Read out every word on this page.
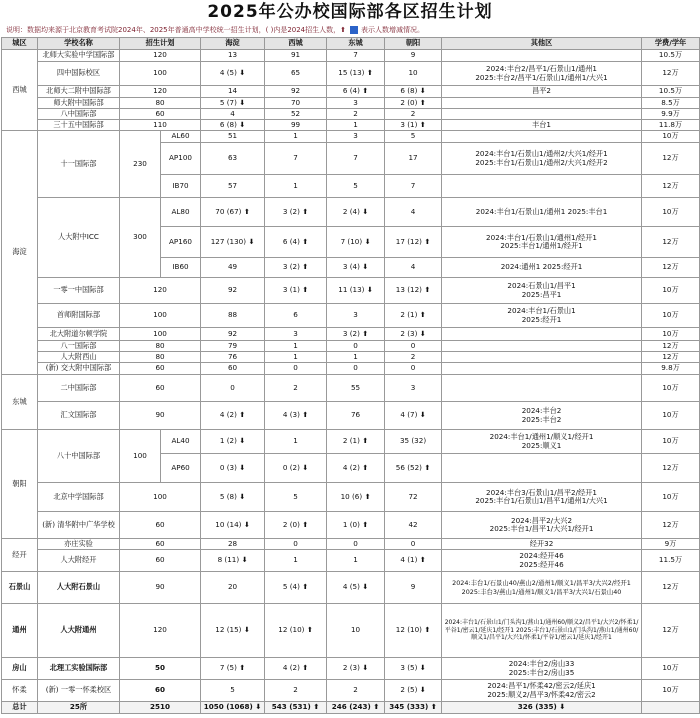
2025年公办校国际部各区招生计划
说明：数据均来源于北京教育考试院2024年、2025年普通高中学校统一招生计划，( )内是2024招生人数，⬆ 表示人数增减情况。
城区	学校名称	招生计划		海淀	西城	东城	朝阳	其他区	学费/学年
西城	北师大实验中学国际部	120		13	91	7	9		10.5万
	四中国际校区	100		4 (5) ⬇	65	15 (13) ⬆	10	2024:丰台2/昌平1/石景山1/通州1
2025:丰台2/昌平1/石景山1/通州1/大兴1	12万
	北师大二附中国际部	120		14	92	6 (4) ⬆	6 (8) ⬇	昌平2	10.5万
	师大附中国际部	80		5 (7) ⬇	70	3	2 (0) ⬆		8.5万
	八中国际部	60		4	52	2	2		9.9万
	三十五中国际部	110		6 (8) ⬇	99	1	3 (1) ⬆	丰台1	11.8万
海淀	十一国际部	230	AL60	51	1	3	5		10万
			AP100	63	7	7	17	2024:丰台1/石景山1/通州2/大兴1/经开1
2025:丰台1/石景山1/通州2/大兴1/经开2	12万
			IB70	57	1	5	7		12万
	人大附中ICC	300	AL80	70 (67) ⬆	3 (2) ⬆	2 (4) ⬇	4	2024:丰台1/石景山1/通州1 2025:丰台1	10万
			AP160	127 (130) ⬇	6 (4) ⬆	7 (10) ⬇	17 (12) ⬆	2024:丰台1/石景山1/通州1/经开1
2025:丰台1/通州1/经开1	12万
			IB60	49	3 (2) ⬆	3 (4) ⬇	4	2024:通州1 2025:经开1	12万
	一零一中国际部	120		92	3 (1) ⬆	11 (13) ⬇	13 (12) ⬆	2024:石景山1/昌平1
2025:昌平1	10万
	首师附国际部	100		88	6	3	2 (1) ⬆	2024:丰台1/石景山1
2025:经开1	10万
	北大附道尔顿学院	100		92	3	3 (2) ⬆	2 (3) ⬇		10万
	八一国际部	80		79	1	0	0		12万
	人大附西山	80		76	1	1	2		12万
	(新) 交大附中国际部	60		60	0	0	0		9.8万
东城	二中国际部	60		0	2	55	3		10万
	汇文国际部	90		4 (2) ⬆	4 (3) ⬆	76	4 (7) ⬇	2024:丰台2
2025:丰台2	10万
朝阳	八十中国际部	100	AL40	1 (2) ⬇	1	2 (1) ⬆	35 (32)	2024:丰台1/通州1/顺义1/经开1
2025:顺义1	10万
			AP60	0 (3) ⬇	0 (2) ⬇	4 (2) ⬆	56 (52) ⬆		12万
	北京中学国际部	100		5 (8) ⬇	5	10 (6) ⬆	72	2024:丰台3/石景山1/昌平2/经开1
2025:丰台1/石景山1/昌平1/通州1/大兴1	10万
	(新) 清华附中广华学校	60		10 (14) ⬇	2 (0) ⬆	1 (0) ⬆	42	2024:昌平2/大兴2
2025:丰台1/昌平1/大兴1/经开1	12万
经开	亦庄实验	60		28	0	0	0	经开32	9万
	人大附经开	60		8 (11) ⬇	1	1	4 (1) ⬆	2024:经开46
2025:经开46	11.5万
石景山	人大附石景山	90		20	5 (4) ⬆	4 (5) ⬇	9	2024:丰台1/石景山40/燕山2/通州1/顺义1/昌平3/大兴2/经开1
2025:丰台3/燕山1/通州1/顺义1/昌平3/大兴1/石景山40	12万
通州	人大附通州	120		12 (15) ⬇	12 (10) ⬆	10	12 (10) ⬆	2024:丰台1/石景山1/门头沟1/燕山1/通州60/顺义2/昌平1/大兴2/怀柔1/平谷1/密云1/延庆1/经开1 2025:丰台1/石景山1/门头沟1/燕山1/通州60/顺义1/昌平1/大兴1/怀柔1/平谷1/密云1/延庆1/经开1	12万
房山	北理工实验国际部	50		7 (5) ⬆	4 (2) ⬆	2 (3) ⬇	3 (5) ⬇	2024:丰台2/房山33
2025:丰台2/房山35	10万
怀柔	(新) 一零一怀柔校区	60		5	2	2	2 (5) ⬇	2024:昌平1/怀柔42/密云2/延庆1
2025:顺义2/昌平3/怀柔42/密云2	10万
总计	25所	2510		1050 (1068) ⬇	543 (531) ⬆	246 (243) ⬆	345 (333) ⬆	326 (335) ⬇	
